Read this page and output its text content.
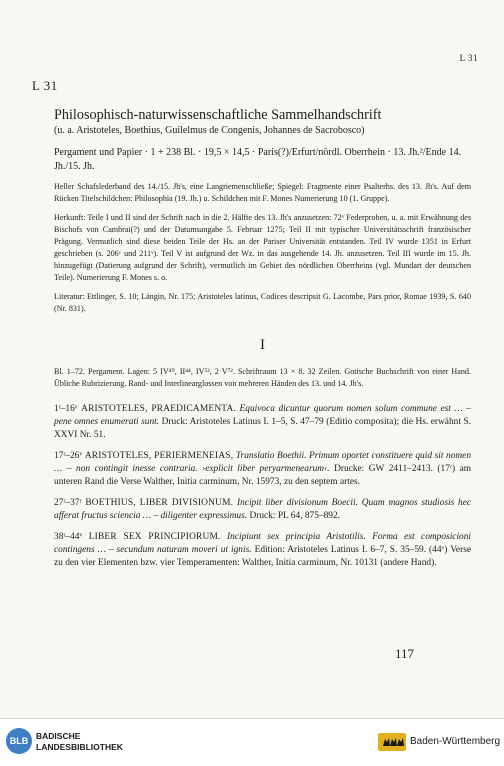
L 31
L 31

Philosophisch-naturwissenschaftliche Sammelhandschrift

(u. a. Aristoteles, Boethius, Guilelmus de Congenis, Johannes de Sacrobosco)

Pergament und Papier · 1 + 238 Bl. · 19,5 × 14,5 · Paris(?)/Erfurt/nördl. Oberrhein · 13. Jh.²/Ende 14. Jh./15. Jh.

Heller Schafslederband des 14./15. Jh's, eine Langriemenschließe; Spiegel: Fragmente einer Psalterhs. des 13. Jh's. Auf dem Rücken Titelschildchen: Philosophia (19. Jh.) u. Schildchen mit F. Mones Numerierung 10 (1. Gruppe).

Herkunft: Teile I und II sind der Schrift nach in die 2. Hälfte des 13. Jh's anzusetzen: 72ᵛ Federproben, u. a. mit Erwähnung des Bischofs von Cambrai(?) und der Datumsangabe 5. Februar 1275; Teil II mit typischer Universitätsschrift französischer Prägung. Vermutlich sind diese beiden Teile der Hs. an der Pariser Universität entstanden. Teil IV wurde 1351 in Erfurt geschrieben (s. 206ᵛ und 211ᵛ). Teil V ist aufgrund der Wz. in das ausgehende 14. Jh. anzusetzen. Teil III wurde im 15. Jh. hinzugefügt (Datierung aufgrund der Schrift), vermutlich im Gebiet des nördlichen Oberrheins (vgl. Mundart der deutschen Teile). Numerierung F. Mones s. o.

Literatur: Ettlinger, S. 10; Längin, Nr. 175; Aristoteles latinus, Codices descripsit G. Lacombe, Pars prior, Romae 1939, S. 640 (Nr. 831).

I

Bl. 1–72. Pergament. Lagen: 5 IV⁴⁰, II⁴⁴, IV⁵², 2 V⁷². Schriftraum 13 × 8. 32 Zeilen. Gotische Buchschrift von einer Hand. Übliche Rubrizierung. Rand- und Interlinearglossen von mehreren Händen des 13. und 14. Jh's.

1ʳ–16ᵛ ARISTOTELES, PRAEDICAMENTA. Equivoca dicuntur quorum nomen solum commune est … – pene omnes enumerati sunt. Druck: Aristoteles Latinus I. 1–5, S. 47–79 (Editio composita); die Hs. erwähnt S. XXVI Nr. 51.

17ʳ–26ᵛ ARISTOTELES, PERIERMENEIAS, Translatio Boethii. Primum oportet constituere quid sit nomen … – non contingit inesse contraria. ›explicit liber peryarmenearum‹. Drucke: GW 2411–2413. (17ʳ) am unteren Rand die Verse Walther, Initia carminum, Nr. 15973, zu den septem artes.

27ʳ–37ʳ BOETHIUS, LIBER DIVISIONUM. Incipit liber divisionum Boecii. Quam magnos studiosis hec afferat fructus sciencia … – diligenter expressimus. Druck: PL 64, 875–892.

38ʳ–44ᵛ LIBER SEX PRINCIPIORUM. Incipiunt sex principia Aristotilis. Forma est composicioni contingens … – secundum naturam moveri ut ignis. Edition: Aristoteles Latinus I. 6–7, S. 35–59. (44ᵛ) Verse zu den vier Elementen bzw. vier Temperamenten: Walther, Initia carminum, Nr. 10131 (andere Hand).

117
BLB BADISCHE
LANDESBIBLIOTHEK	Baden-Württemberg
